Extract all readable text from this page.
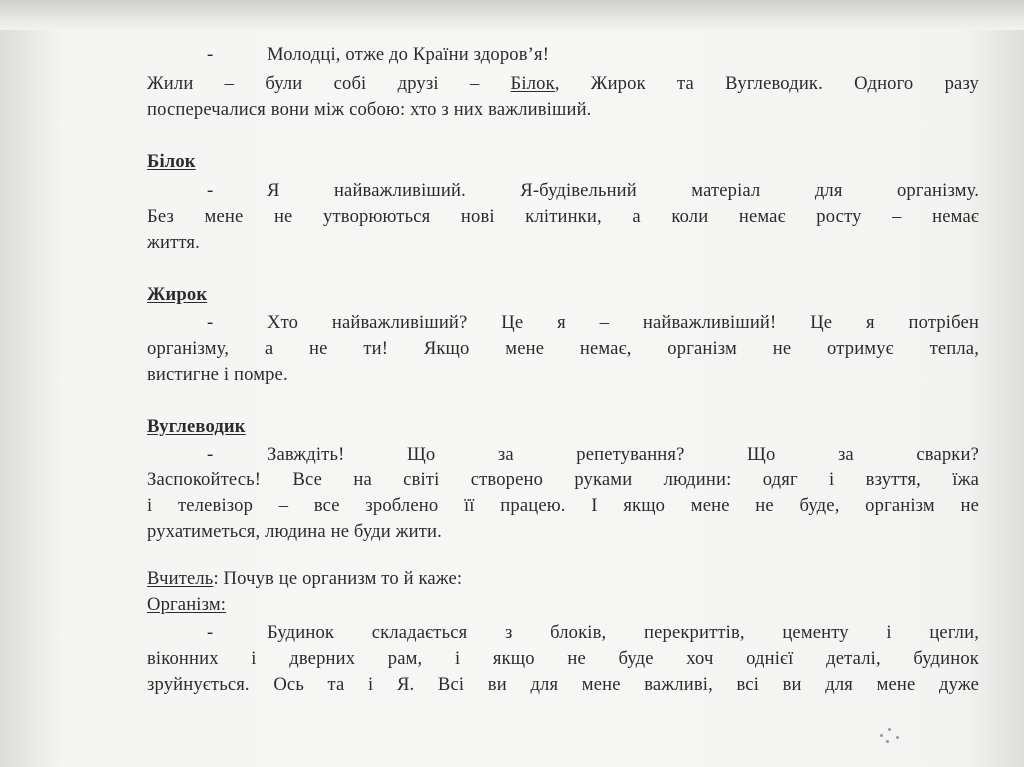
-	Молодці, отже до Країни здоров’я!
Жили – були собі друзі – Білок, Жирок та Вуглеводик. Одного разу
посперечалися вони між собою: хто з них важливіший.
Білок
-	Я найважливіший. Я-будівельний матеріал для організму.
Без мене не утворюються нові клітинки, а коли немає росту – немає
життя.
Жирок
-	Хто найважливіший? Це я – найважливіший! Це я потрібен
організму, а не ти! Якщо мене немає, організм не отримує тепла,
вистигне і помре.
Вуглеводик
-	Завждіть! Що за репетування? Що за сварки?
Заспокойтесь! Все на світі створено руками людини: одяг і взуття, їжа
і телевізор – все зроблено її працею. І якщо мене не буде, організм не
рухатиметься, людина не буди жити.
Вчитель: Почув це организм то й каже:
Організм:
-	Будинок складається з блоків, перекриттів, цементу і цегли,
віконних і дверних рам, і якщо не буде хоч однієї деталі, будинок
зруйнується. Ось та і Я. Всі ви для мене важливі, всі ви для мене дуже
